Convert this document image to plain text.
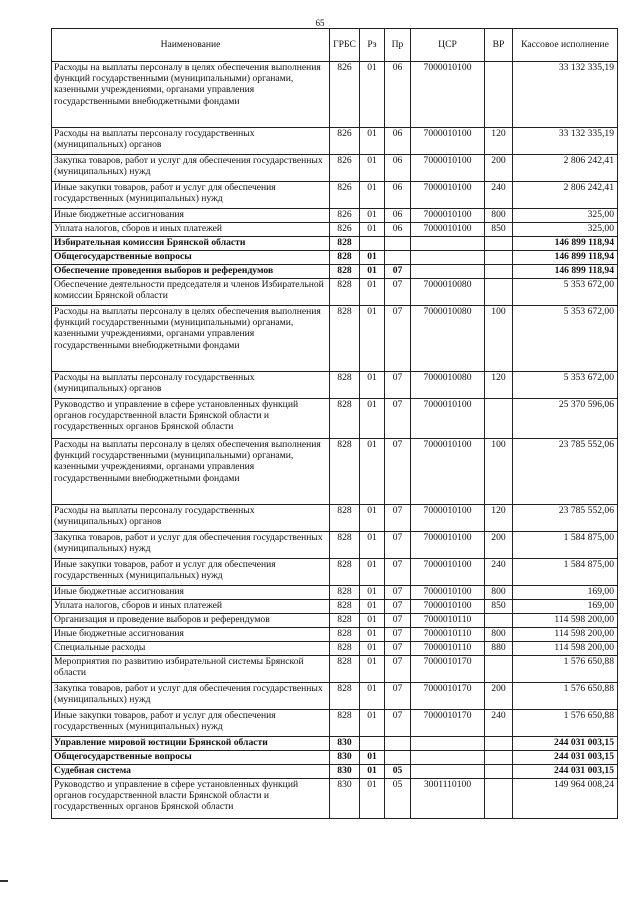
65
Наименование	ГРБС	Рз	Пр	ЦСР	ВР	Кассовое исполнение
Расходы на выплаты персоналу в целях обеспечения выполнения функций государственными (муниципальными) органами, казенными учреждениями, органами управления государственными внебюджетными фондами	826	01	06	7000010100		33 132 335,19
Расходы на выплаты персоналу государственных (муниципальных) органов	826	01	06	7000010100	120	33 132 335,19
Закупка товаров, работ и услуг для обеспечения государственных (муниципальных) нужд	826	01	06	7000010100	200	2 806 242,41
Иные закупки товаров, работ и услуг для обеспечения государственных (муниципальных) нужд	826	01	06	7000010100	240	2 806 242,41
Иные бюджетные ассигнования	826	01	06	7000010100	800	325,00
Уплата налогов, сборов и иных платежей	826	01	06	7000010100	850	325,00
Избирательная комиссия Брянской области	828					146 899 118,94
Общегосударственные вопросы	828	01				146 899 118,94
Обеспечение проведения выборов и референдумов	828	01	07			146 899 118,94
Обеспечение деятельности председателя и членов Избирательной комиссии Брянской области	828	01	07	7000010080		5 353 672,00
Расходы на выплаты персоналу в целях обеспечения выполнения функций государственными (муниципальными) органами, казенными учреждениями, органами управления государственными внебюджетными фондами	828	01	07	7000010080	100	5 353 672,00
Расходы на выплаты персоналу государственных (муниципальных) органов	828	01	07	7000010080	120	5 353 672,00
Руководство и управление в сфере установленных функций органов государственной власти Брянской области и государственных органов Брянской области	828	01	07	7000010100		25 370 596,06
Расходы на выплаты персоналу в целях обеспечения выполнения функций государственными (муниципальными) органами, казенными учреждениями, органами управления государственными внебюджетными фондами	828	01	07	7000010100	100	23 785 552,06
Расходы на выплаты персоналу государственных (муниципальных) органов	828	01	07	7000010100	120	23 785 552,06
Закупка товаров, работ и услуг для обеспечения государственных (муниципальных) нужд	828	01	07	7000010100	200	1 584 875,00
Иные закупки товаров, работ и услуг для обеспечения государственных (муниципальных) нужд	828	01	07	7000010100	240	1 584 875,00
Иные бюджетные ассигнования	828	01	07	7000010100	800	169,00
Уплата налогов, сборов и иных платежей	828	01	07	7000010100	850	169,00
Организация и проведение выборов и референдумов	828	01	07	7000010110		114 598 200,00
Иные бюджетные ассигнования	828	01	07	7000010110	800	114 598 200,00
Специальные расходы	828	01	07	7000010110	880	114 598 200,00
Мероприятия по развитию избирательной системы Брянской области	828	01	07	7000010170		1 576 650,88
Закупка товаров, работ и услуг для обеспечения государственных (муниципальных) нужд	828	01	07	7000010170	200	1 576 650,88
Иные закупки товаров, работ и услуг для обеспечения государственных (муниципальных) нужд	828	01	07	7000010170	240	1 576 650,88
Управление мировой юстиции Брянской области	830					244 031 003,15
Общегосударственные вопросы	830	01				244 031 003,15
Судебная система	830	01	05			244 031 003,15
Руководство и управление в сфере установленных функций органов государственной власти Брянской области и государственных органов Брянской области	830	01	05	3001110100		149 964 008,24
